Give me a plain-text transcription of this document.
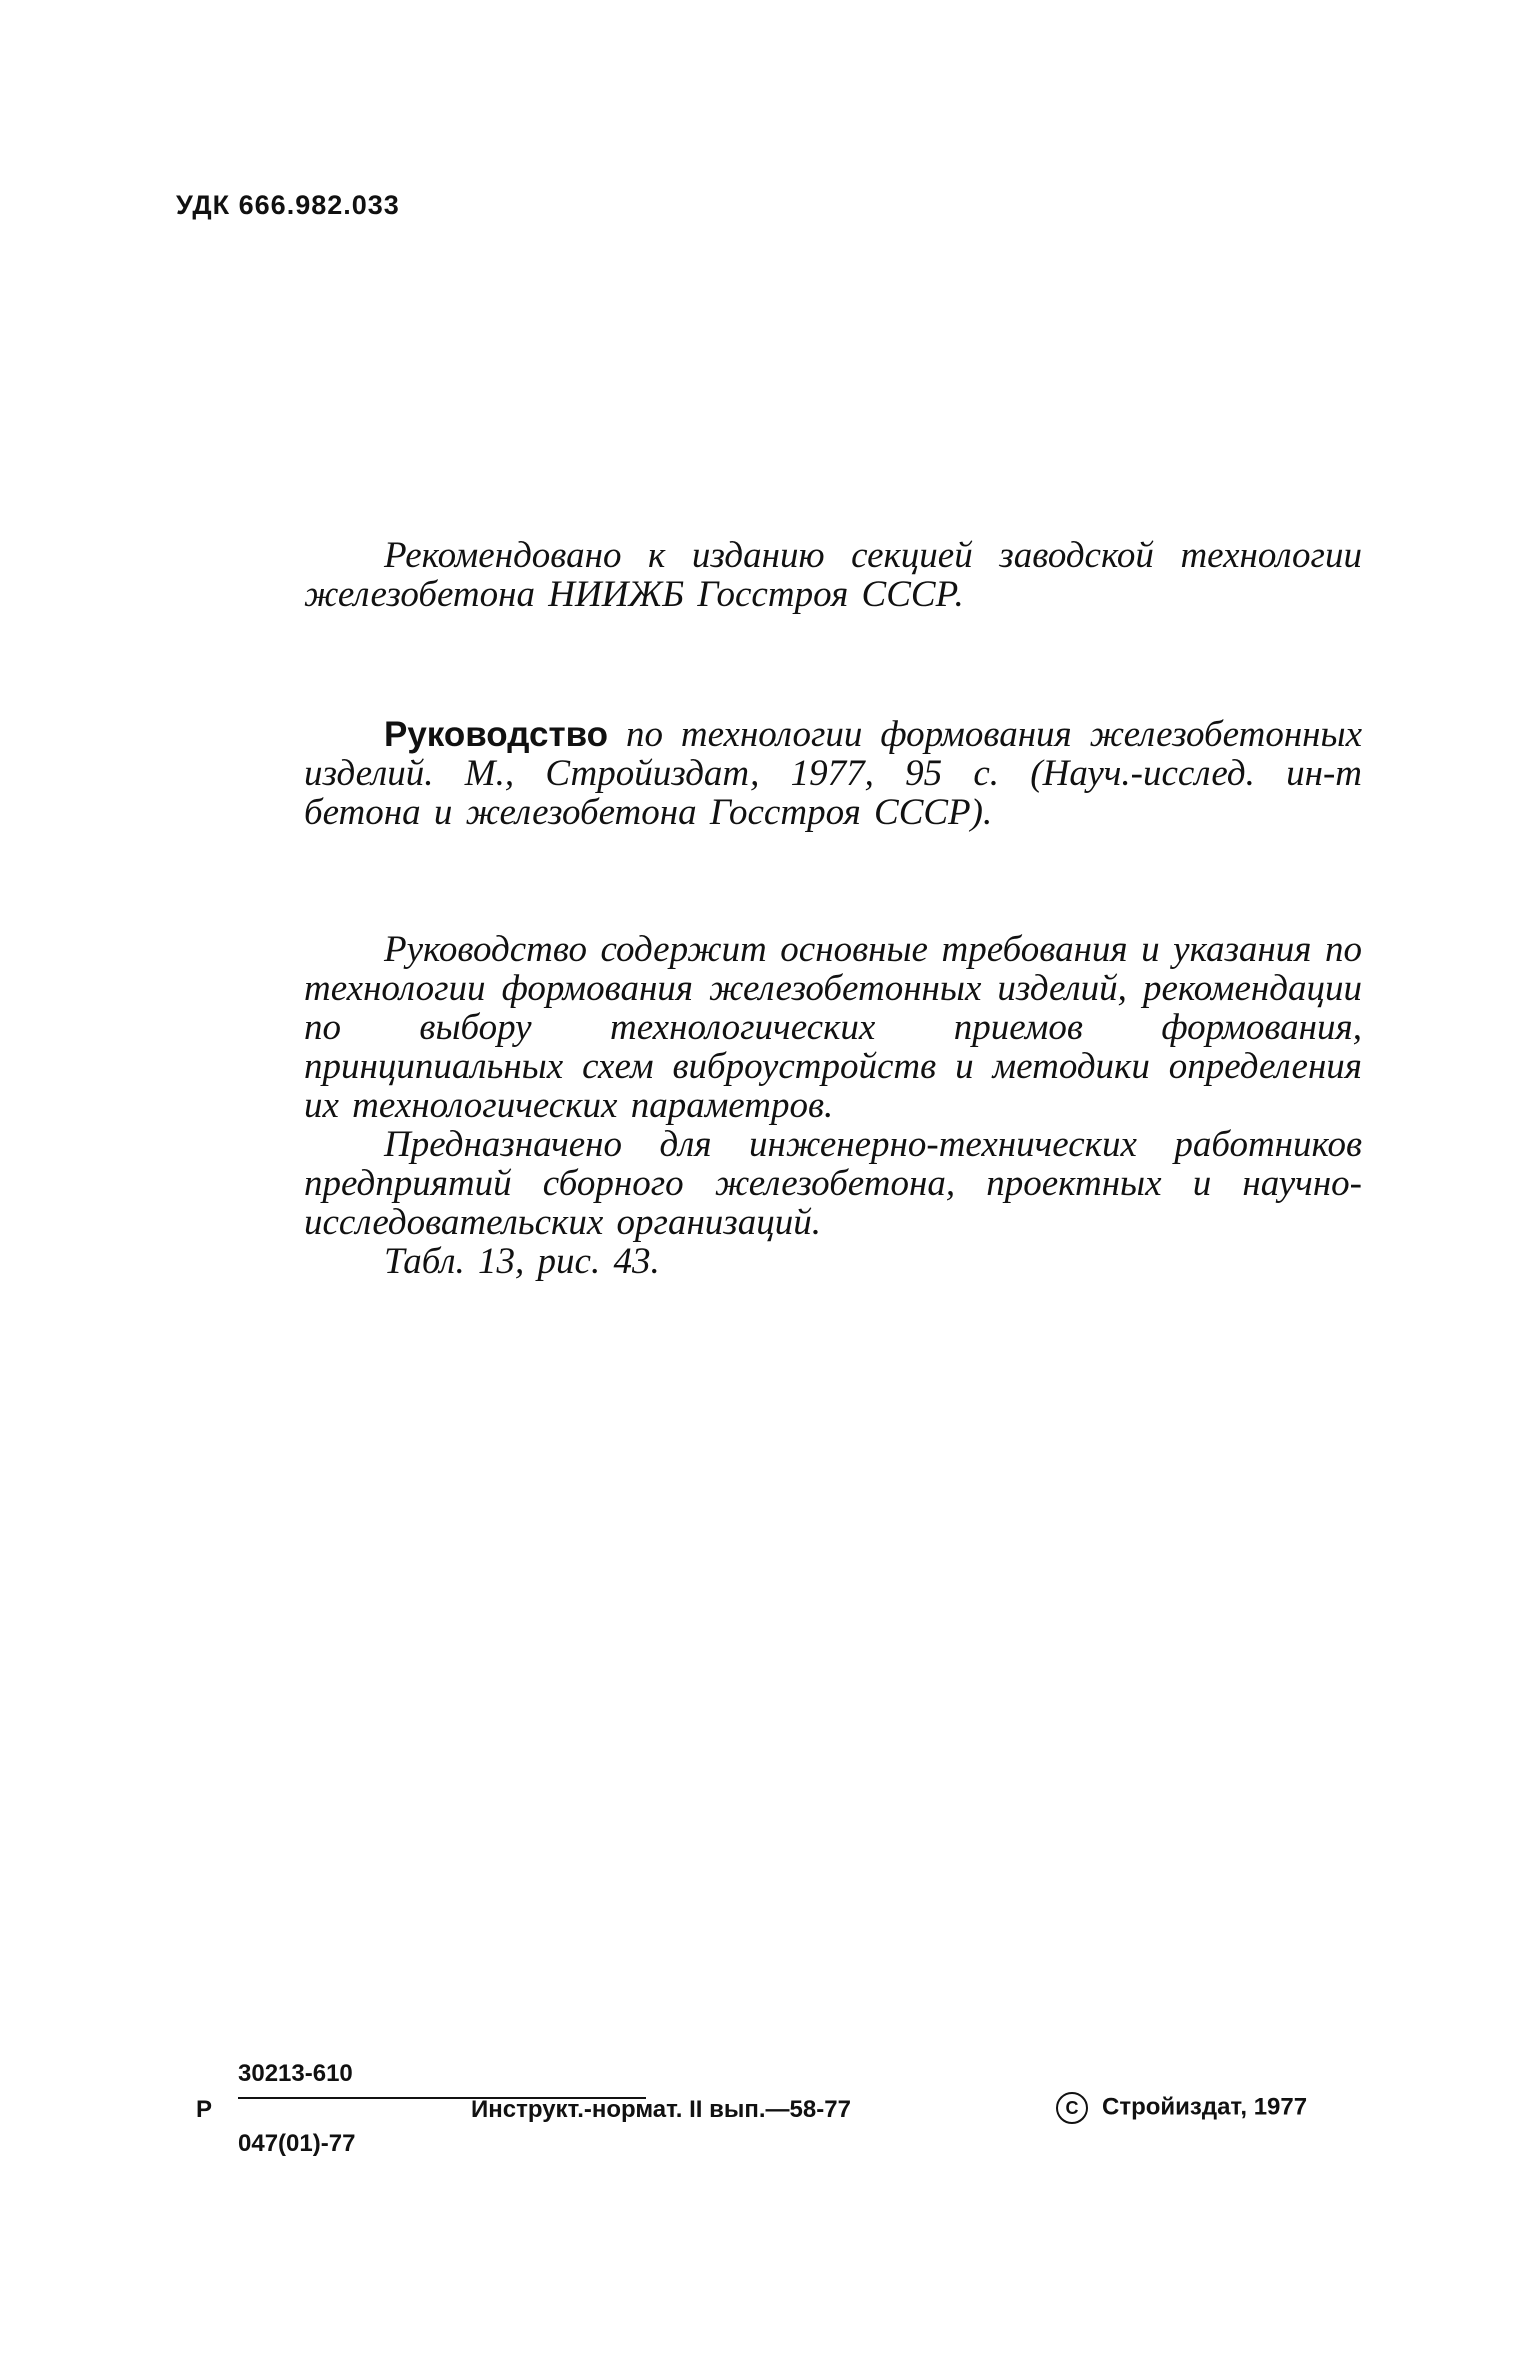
УДК 666.982.033

Рекомендовано к изданию секцией заводской технологии железобетона НИИЖБ Госстроя СССР.

Руководство по технологии формования железобетонных изделий. М., Стройиздат, 1977, 95 с. (Науч.-исслед. ин-т бетона и железобетона Госстроя СССР).

Руководство содержит основные требования и указания по технологии формования железобетонных изделий, рекомендации по выбору технологических приемов формования, принципиальных схем виброустройств и методики определения их технологических параметров.

Предназначено для инженерно-технических работников предприятий сборного железобетона, проектных и научно-исследовательских организаций.

Табл. 13, рис. 43.

Р
30213-610
047(01)-77
Инструкт.-нормат. II вып.—58-77	C Стройиздат, 1977
